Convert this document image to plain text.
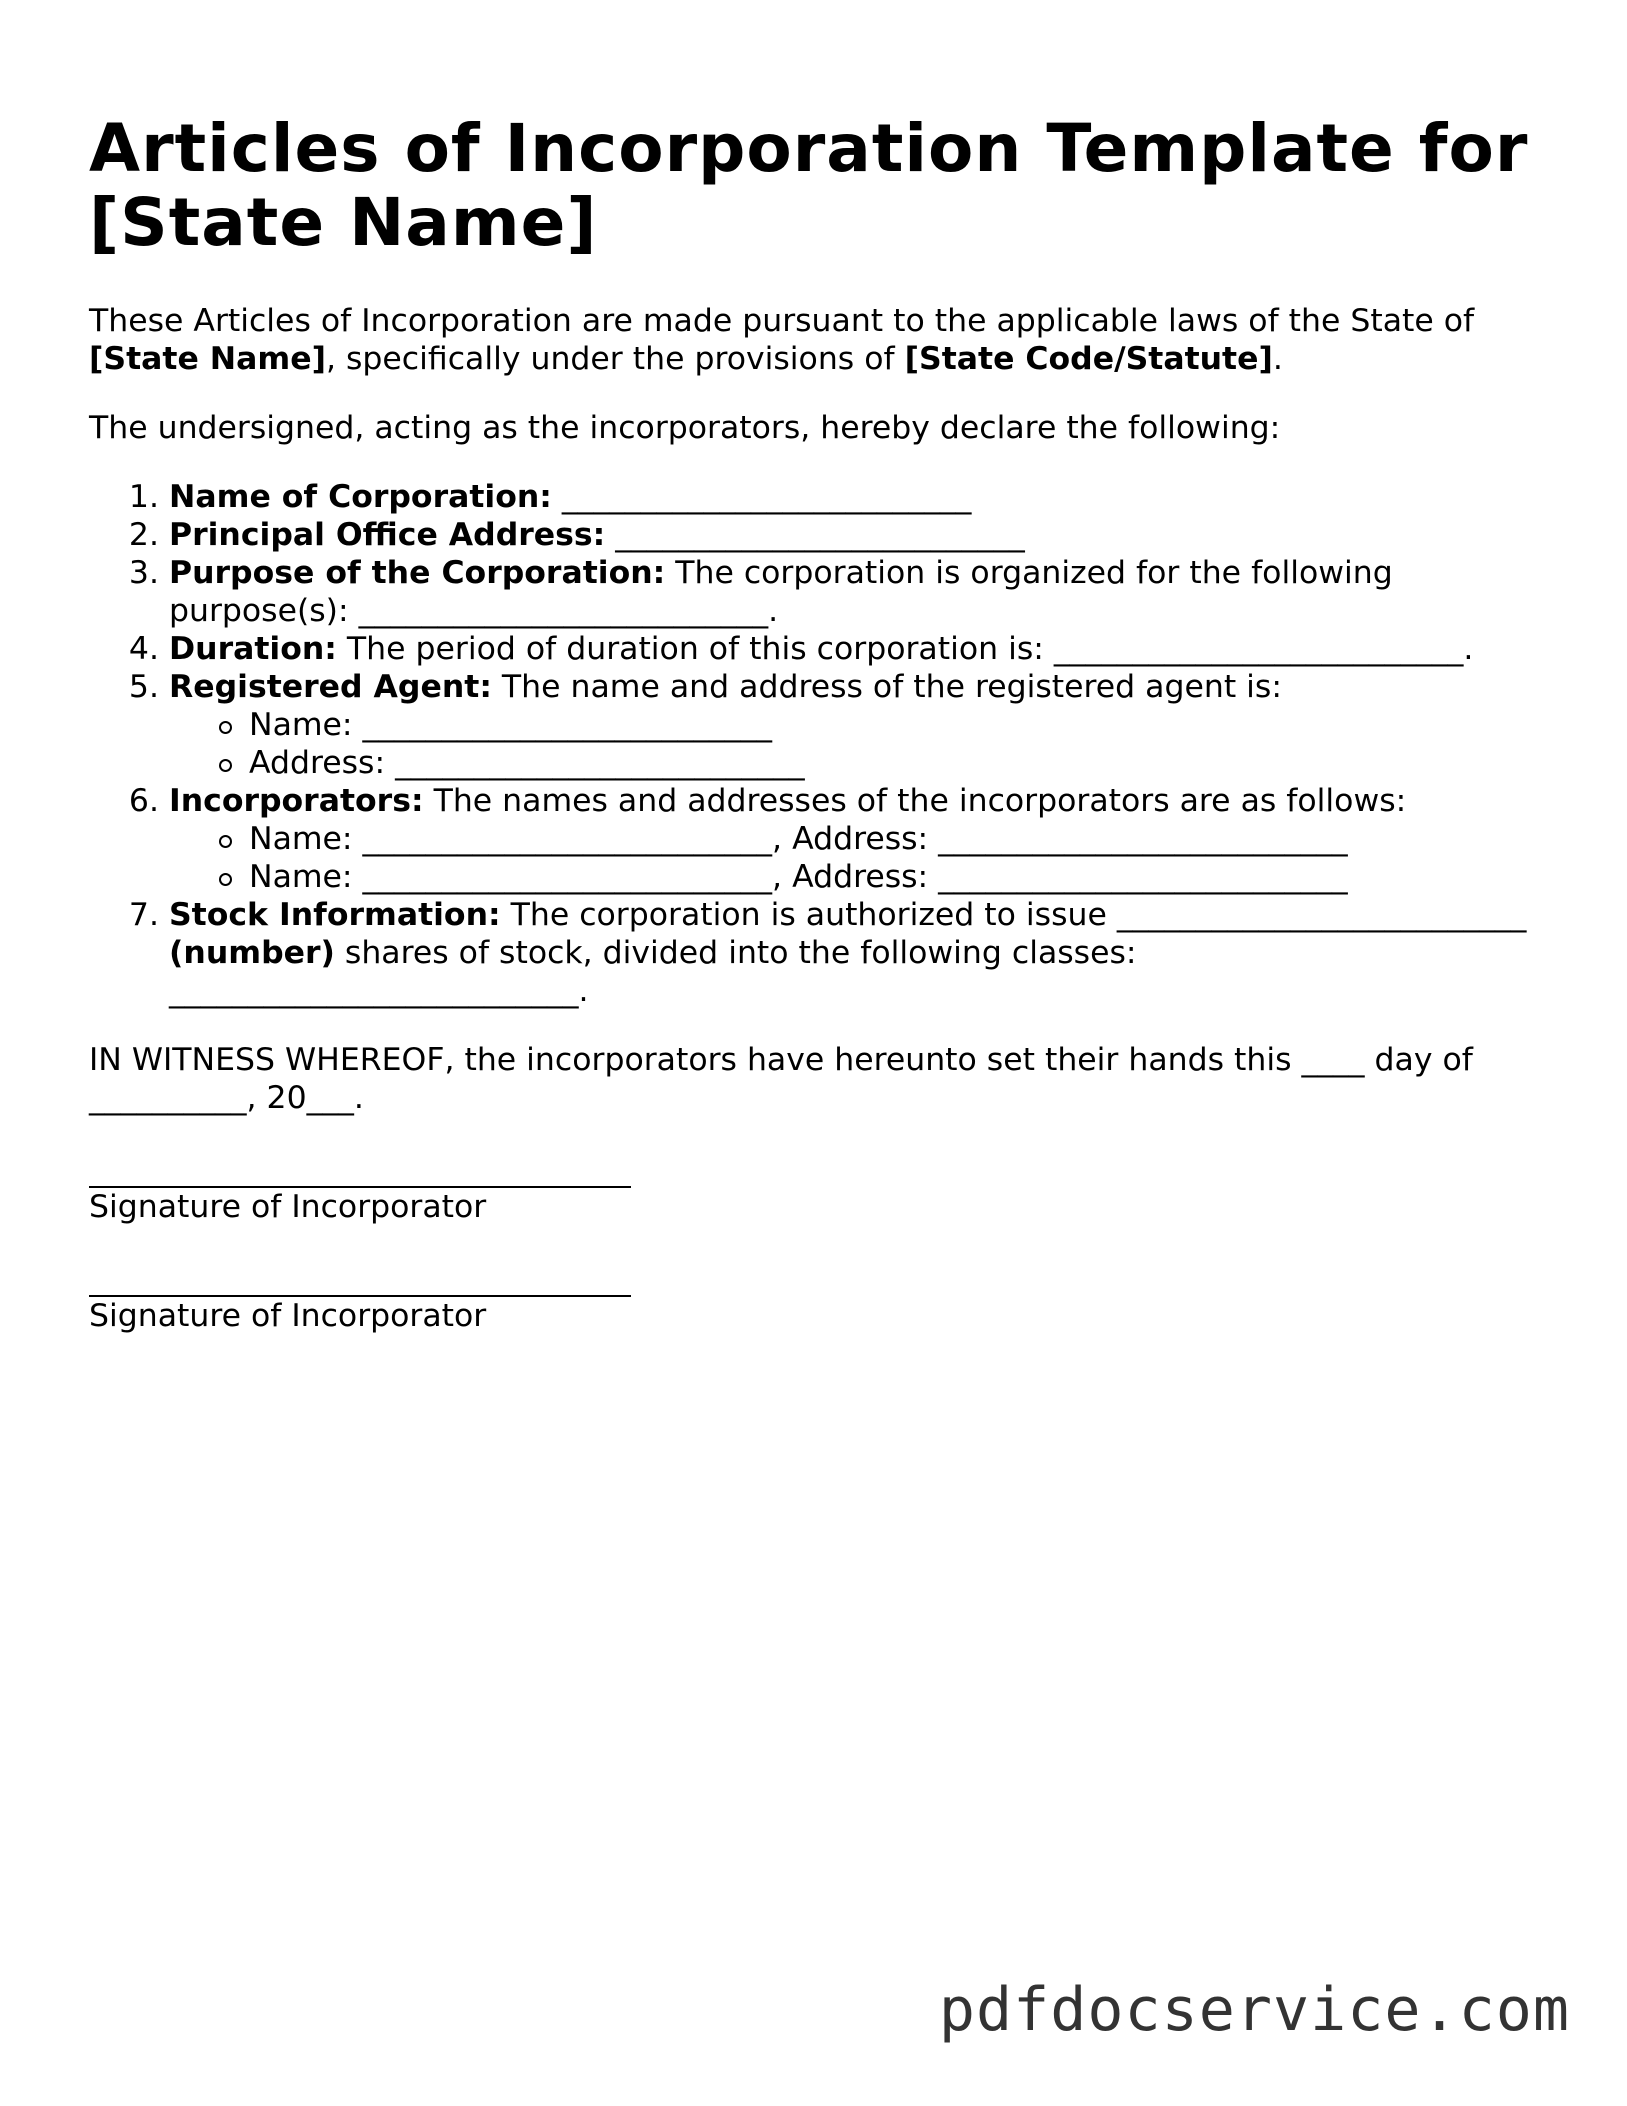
Articles of Incorporation Template for [State Name]

These Articles of Incorporation are made pursuant to the applicable laws of the State of [State Name], specifically under the provisions of [State Code/Statute].

The undersigned, acting as the incorporators, hereby declare the following:

1. Name of Corporation: __________________________
2. Principal Office Address: __________________________
3. Purpose of the Corporation: The corporation is organized for the following purpose(s): __________________________.
4. Duration: The period of duration of this corporation is: __________________________.
5. Registered Agent: The name and address of the registered agent is:
Name: __________________________
Address: __________________________
6. Incorporators: The names and addresses of the incorporators are as follows:
Name: __________________________, Address: __________________________
Name: __________________________, Address: __________________________
7. Stock Information: The corporation is authorized to issue __________________________ (number) shares of stock, divided into the following classes: __________________________.

IN WITNESS WHEREOF, the incorporators have hereunto set their hands this ____ day of __________, 20___.

Signature of Incorporator
Signature of Incorporator
pdfdocservice.com
